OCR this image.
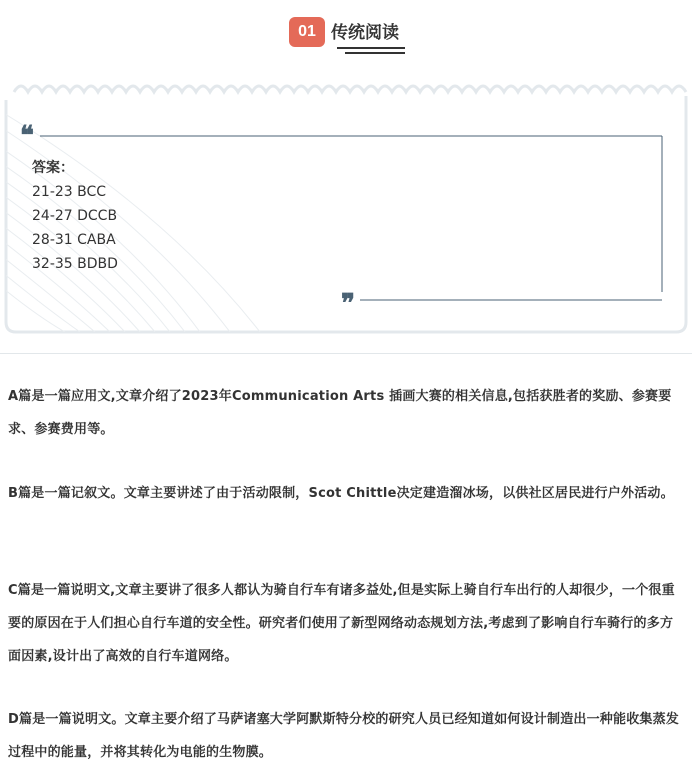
01 传统阅读
❝
❞
答案：
21-23 BCC
24-27 DCCB
28-31 CABA
32-35 BDBD
A篇是一篇应用文,文章介绍了2023年Communication Arts 插画大赛的相关信息,包括获胜者的奖励、参赛要求、参赛费用等。
B篇是一篇记叙文。文章主要讲述了由于活动限制，Scot Chittle决定建造溜冰场，以供社区居民进行户外活动。
C篇是一篇说明文,文章主要讲了很多人都认为骑自行车有诸多益处,但是实际上骑自行车出行的人却很少，一个很重要的原因在于人们担心自行车道的安全性。研究者们使用了新型网络动态规划方法,考虑到了影响自行车骑行的多方面因素,设计出了高效的自行车道网络。
D篇是一篇说明文。文章主要介绍了马萨诸塞大学阿默斯特分校的研究人员已经知道如何设计制造出一种能收集蒸发过程中的能量，并将其转化为电能的生物膜。
